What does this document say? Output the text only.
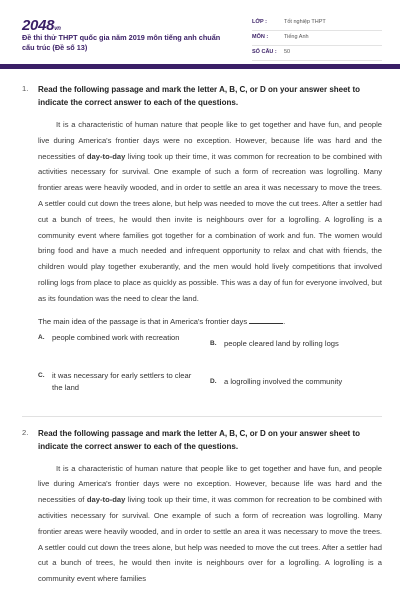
2048vn
Đề thi thử THPT quốc gia năm 2019 môn tiếng anh chuẩn cấu trúc (Đề số 13)
LỚP :	Tốt nghiệp THPT
MÔN :	Tiếng Anh
SỐ CÂU : 50
1. Read the following passage and mark the letter A, B, C, or D on your answer sheet to indicate the correct answer to each of the questions.

It is a characteristic of human nature that people like to get together and have fun, and people live during America's frontier days were no exception. However, because life was hard and the necessities of day-to-day living took up their time, it was common for recreation to be combined with activities necessary for survival. One example of such a form of recreation was logrolling. Many frontier areas were heavily wooded, and in order to settle an area it was necessary to move the trees. A settler could cut down the trees alone, but help was needed to move the cut trees. After a settler had cut a bunch of trees, he would then invite is neighbours over for a logrolling. A logrolling is a community event where families got together for a combination of work and fun. The women would bring food and have a much needed and infrequent opportunity to relax and chat with friends, the children would play together exuberantly, and the men would hold lively competitions that involved rolling logs from place to place as quickly as possible. This was a day of fun for everyone involved, but as its foundation was the need to clear the land.

The main idea of the passage is that in America's frontier days	.
A. people combined work with recreation
B. people cleared land by rolling logs
C. it was necessary for early settlers to clear the land
D. a logrolling involved the community
2. Read the following passage and mark the letter A, B, C, or D on your answer sheet to indicate the correct answer to each of the questions.

It is a characteristic of human nature that people like to get together and have fun, and people live during America's frontier days were no exception. However, because life was hard and the necessities of day-to-day living took up their time, it was common for recreation to be combined with activities necessary for survival. One example of such a form of recreation was logrolling. Many frontier areas were heavily wooded, and in order to settle an area it was necessary to move the trees. A settler could cut down the trees alone, but help was needed to move the cut trees. After a settler had cut a bunch of trees, he would then invite is neighbours over for a logrolling. A logrolling is a community event where families
